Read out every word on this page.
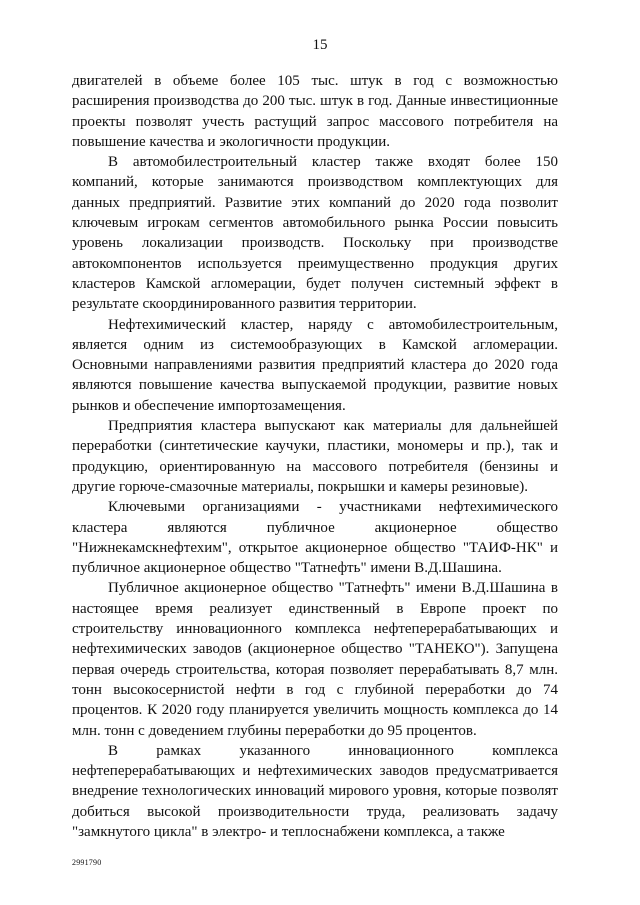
15

двигателей в объеме более 105 тыс. штук в год с возможностью расширения производства до 200 тыс. штук в год. Данные инвестиционные проекты позволят учесть растущий запрос массового потребителя на повышение качества и экологичности продукции.

В автомобилестроительный кластер также входят более 150 компаний, которые занимаются производством комплектующих для данных предприятий. Развитие этих компаний до 2020 года позволит ключевым игрокам сегментов автомобильного рынка России повысить уровень локализации производств. Поскольку при производстве автокомпонентов используется преимущественно продукция других кластеров Камской агломерации, будет получен системный эффект в результате скоординированного развития территории.

Нефтехимический кластер, наряду с автомобилестроительным, является одним из системообразующих в Камской агломерации. Основными направлениями развития предприятий кластера до 2020 года являются повышение качества выпускаемой продукции, развитие новых рынков и обеспечение импортозамещения.

Предприятия кластера выпускают как материалы для дальнейшей переработки (синтетические каучуки, пластики, мономеры и пр.), так и продукцию, ориентированную на массового потребителя (бензины и другие горюче-смазочные материалы, покрышки и камеры резиновые).

Ключевыми организациями - участниками нефтехимического кластера являются публичное акционерное общество "Нижнекамскнефтехим", открытое акционерное общество "ТАИФ-НК" и публичное акционерное общество "Татнефть" имени В.Д.Шашина.

Публичное акционерное общество "Татнефть" имени В.Д.Шашина в настоящее время реализует единственный в Европе проект по строительству инновационного комплекса нефтеперерабатывающих и нефтехимических заводов (акционерное общество "ТАНЕКО"). Запущена первая очередь строительства, которая позволяет перерабатывать 8,7 млн. тонн высокосернистой нефти в год с глубиной переработки до 74 процентов. К 2020 году планируется увеличить мощность комплекса до 14 млн. тонн с доведением глубины переработки до 95 процентов.

В рамках указанного инновационного комплекса нефтеперерабатывающих и нефтехимических заводов предусматривается внедрение технологических инноваций мирового уровня, которые позволят добиться высокой производительности труда, реализовать задачу "замкнутого цикла" в электро- и теплоснабжени комплекса, а также

2991790
